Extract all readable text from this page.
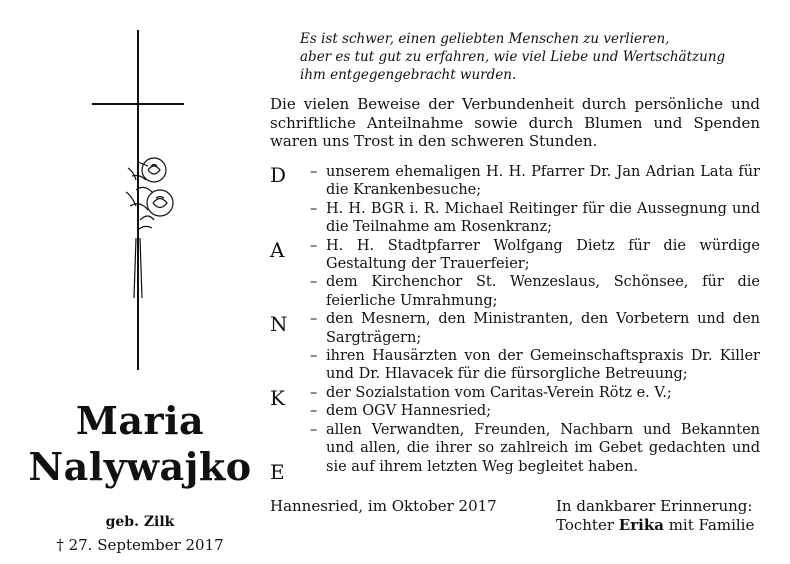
Es ist schwer, einen geliebten Menschen zu verlieren,
aber es tut gut zu erfahren, wie viel Liebe und Wertschätzung
ihm entgegengebracht wurden.
Die vielen Beweise der Verbundenheit durch persönliche und schriftliche Anteilnahme sowie durch Blumen und Spenden waren uns Trost in den schweren Stunden.
D
A
N
K
E
– unserem ehemaligen H. H. Pfarrer Dr. Jan Adrian Lata für die Krankenbesuche;
– H. H. BGR i. R. Michael Reitinger für die Aussegnung und die Teilnahme am Rosenkranz;
– H. H. Stadtpfarrer Wolfgang Dietz für die würdige Gestaltung der Trauerfeier;
– dem Kirchenchor St. Wenzeslaus, Schönsee, für die feierliche Umrahmung;
– den Mesnern, den Ministranten, den Vorbetern und den Sargträgern;
– ihren Hausärzten von der Gemeinschaftspraxis Dr. Killer und Dr. Hlavacek für die fürsorgliche Betreuung;
– der Sozialstation vom Caritas-Verein Rötz e. V.;
– dem OGV Hannesried;
– allen Verwandten, Freunden, Nachbarn und Bekannten und allen, die ihrer so zahlreich im Gebet gedachten und sie auf ihrem letzten Weg begleitet haben.
Maria
Nalywajko
geb. Zilk
† 27. September 2017
Hannesried, im Oktober 2017	In dankbarer Erinnerung:
Tochter Erika mit Familie
